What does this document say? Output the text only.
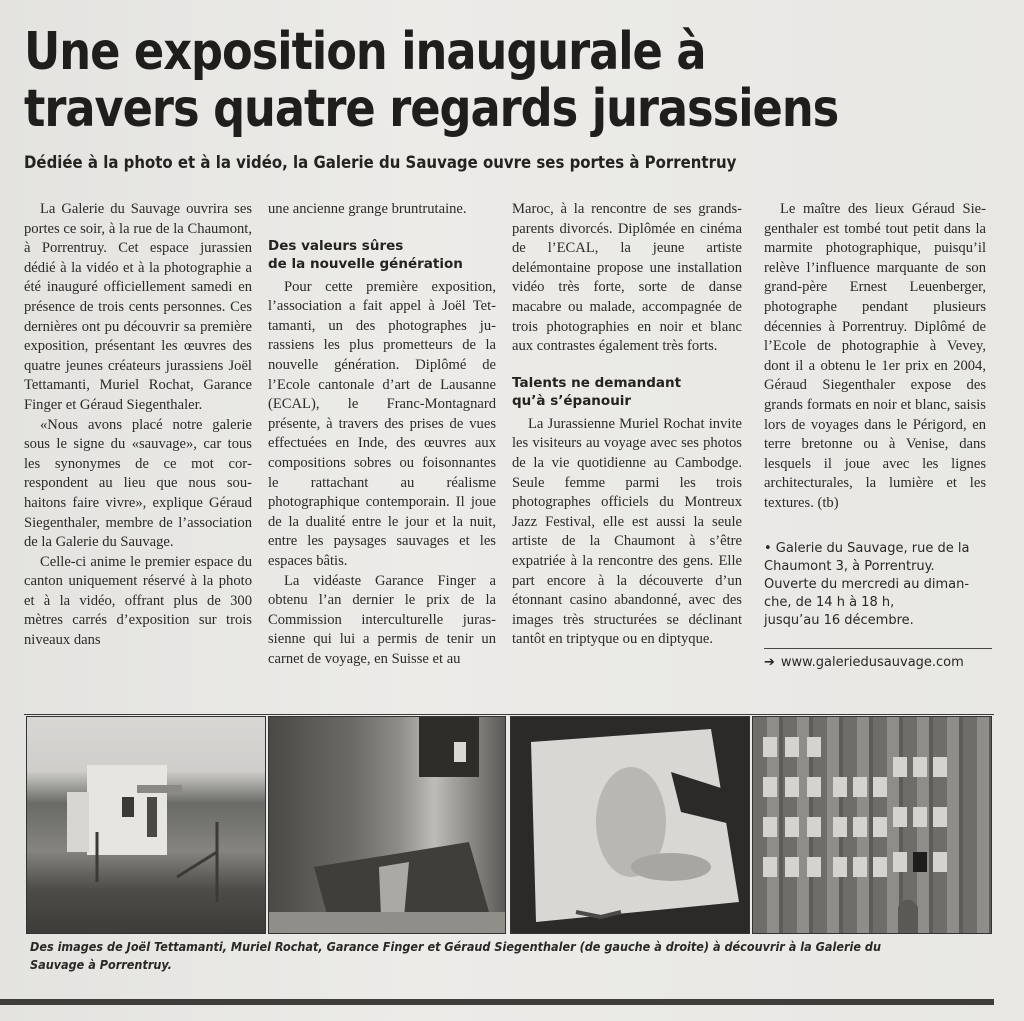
Une exposition inaugurale à
travers quatre regards jurassiens
Dédiée à la photo et à la vidéo, la Galerie du Sauvage ouvre ses portes à Porrentruy

La Galerie du Sauvage ouvrira ses portes ce soir, à la rue de la Chaumont, à Porrentruy. Cet espace jurassien dédié à la vidéo et à la photographie a été inauguré officiellement samedi en présence de trois cents personnes. Ces dernières ont pu découvrir sa première exposition, présentant les œuvres des quatre jeunes créateurs jurassiens Joël Tettamanti, Muriel Rochat, Garance Finger et Géraud Siegenthaler.

«Nous avons placé notre galerie sous le signe du «sauvage», car tous les synonymes de ce mot correspondent au lieu que nous souhaitons faire vivre», explique Géraud Siegenthaler, membre de l’association de la Galerie du Sauvage.

Celle-ci anime le premier espace du canton uniquement réservé à la photo et à la vidéo, offrant plus de 300 mètres carrés d’exposition sur trois niveaux dans

une ancienne grange bruntrutaine.

Des valeurs sûres
de la nouvelle génération

Pour cette première exposition, l’association a fait appel à Joël Tettamanti, un des photographes jurassiens les plus prometteurs de la nouvelle génération. Diplômé de l’Ecole cantonale d’art de Lausanne (ECAL), le Franc-Montagnard présente, à travers des prises de vues effectuées en Inde, des œuvres aux compositions sobres ou foisonnantes le rattachant au réalisme photographique contemporain. Il joue de la dualité entre le jour et la nuit, entre les paysages sauvages et les espaces bâtis.

La vidéaste Garance Finger a obtenu l’an dernier le prix de la Commission interculturelle jurassienne qui lui a permis de tenir un carnet de voyage, en Suisse et au

Maroc, à la rencontre de ses grands-parents divorcés. Diplômée en cinéma de l’ECAL, la jeune artiste delémontaine propose une installation vidéo très forte, sorte de danse macabre ou malade, accompagnée de trois photographies en noir et blanc aux contrastes également très forts.

Talents ne demandant
qu’à s’épanouir

La Jurassienne Muriel Rochat invite les visiteurs au voyage avec ses photos de la vie quotidienne au Cambodge. Seule femme parmi les trois photographes officiels du Montreux Jazz Festival, elle est aussi la seule artiste de la Chaumont à s’être expatriée à la rencontre des gens. Elle part encore à la découverte d’un étonnant casino abandonné, avec des images très structurées se déclinant tantôt en triptyque ou en diptyque.

Le maître des lieux Géraud Siegenthaler est tombé tout petit dans la marmite photographique, puisqu’il relève l’influence marquante de son grand-père Ernest Leuenberger, photographe pendant plusieurs décennies à Porrentruy. Diplômé de l’Ecole de photographie à Vevey, dont il a obtenu le 1er prix en 2004, Géraud Siegenthaler expose des grands formats en noir et blanc, saisis lors de voyages dans le Périgord, en terre bretonne ou à Venise, dans lesquels il joue avec les lignes architecturales, la lumière et les textures. (tb)

• Galerie du Sauvage, rue de la
Chaumont 3, à Porrentruy.
Ouverte du mercredi au diman-
che, de 14 h à 18 h,
jusqu’au 16 décembre.
➔ www.galeriedusauvage.com
Des images de Joël Tettamanti, Muriel Rochat, Garance Finger et Géraud Siegenthaler (de gauche à droite) à découvrir à la Galerie du Sauvage à Porrentruy.
